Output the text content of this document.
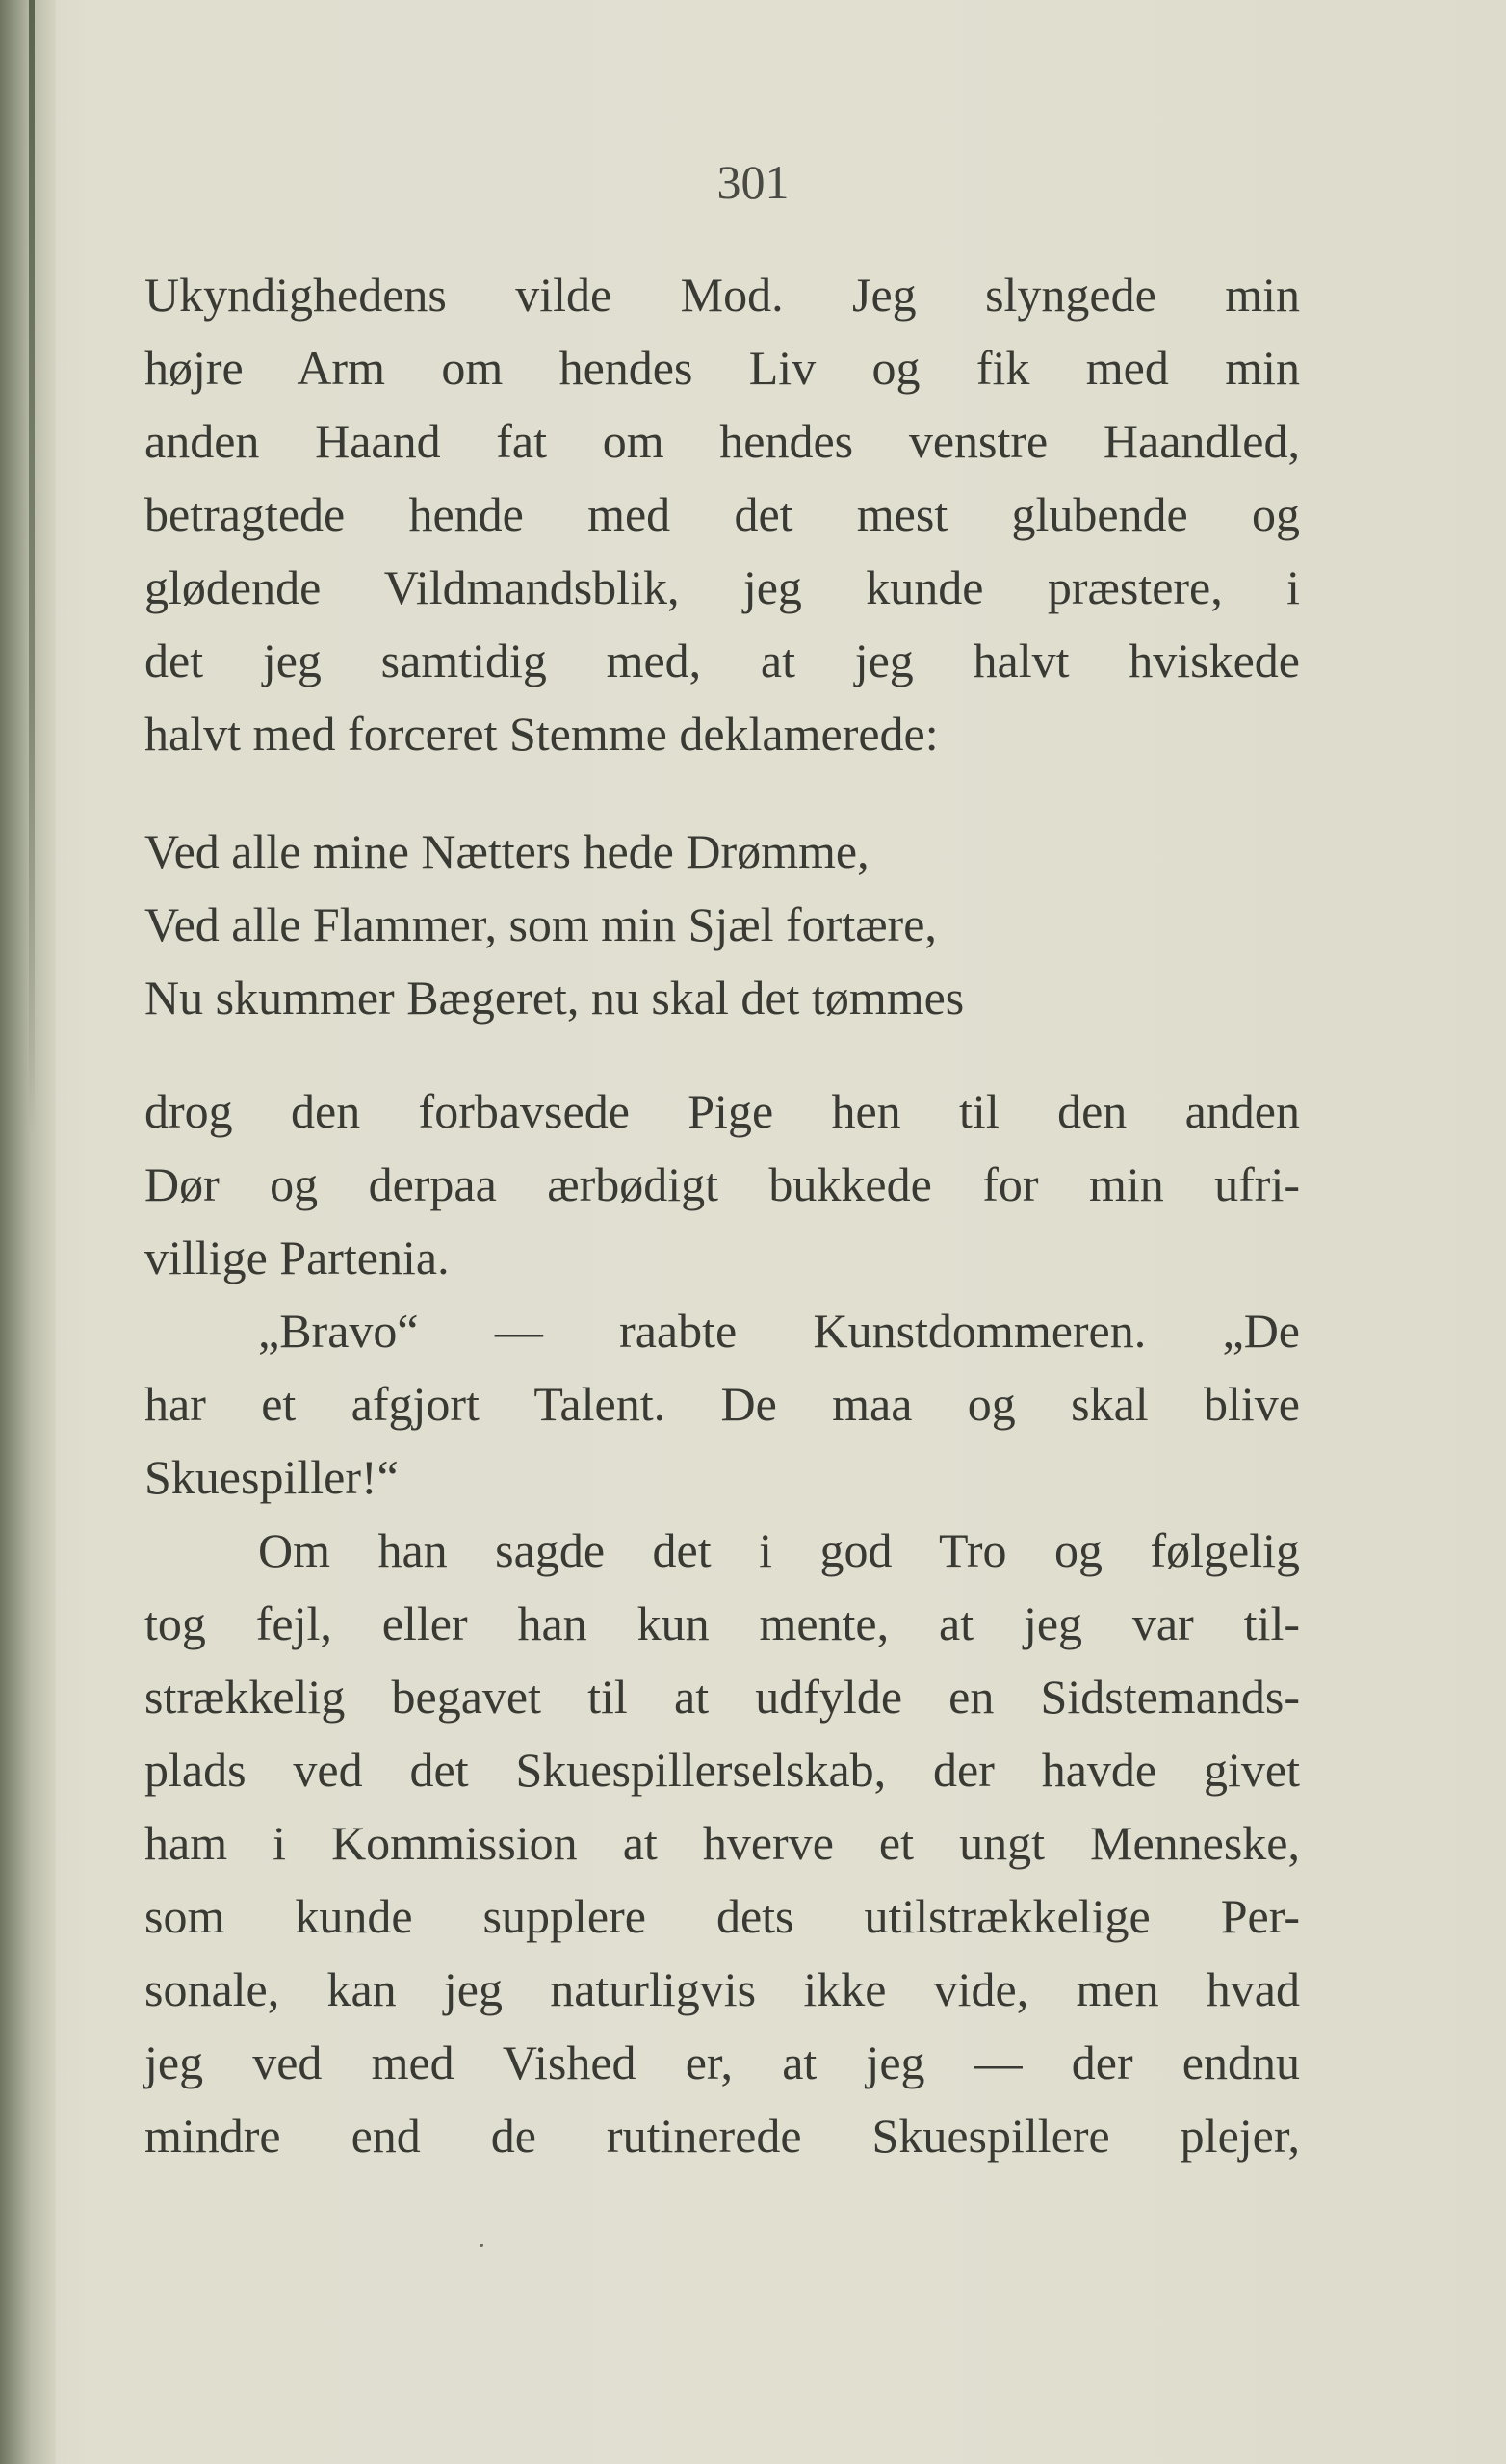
301
Ukyndighedens vilde Mod. Jeg slyngede min
højre Arm om hendes Liv og fik med min
anden Haand fat om hendes venstre Haandled,
betragtede hende med det mest glubende og
glødende Vildmandsblik, jeg kunde præstere, i
det jeg samtidig med, at jeg halvt hviskede
halvt med forceret Stemme deklamerede:
Ved alle mine Nætters hede Drømme,
Ved alle Flammer, som min Sjæl fortære,
Nu skummer Bægeret, nu skal det tømmes
drog den forbavsede Pige hen til den anden
Dør og derpaa ærbødigt bukkede for min ufri-
villige Partenia.
„Bravo“ — raabte Kunstdommeren. „De
har et afgjort Talent. De maa og skal blive
Skuespiller!“
Om han sagde det i god Tro og følgelig
tog fejl, eller han kun mente, at jeg var til-
strækkelig begavet til at udfylde en Sidstemands-
plads ved det Skuespillerselskab, der havde givet
ham i Kommission at hverve et ungt Menneske,
som kunde supplere dets utilstrækkelige Per-
sonale, kan jeg naturligvis ikke vide, men hvad
jeg ved med Vished er, at jeg — der endnu
mindre end de rutinerede Skuespillere plejer,
